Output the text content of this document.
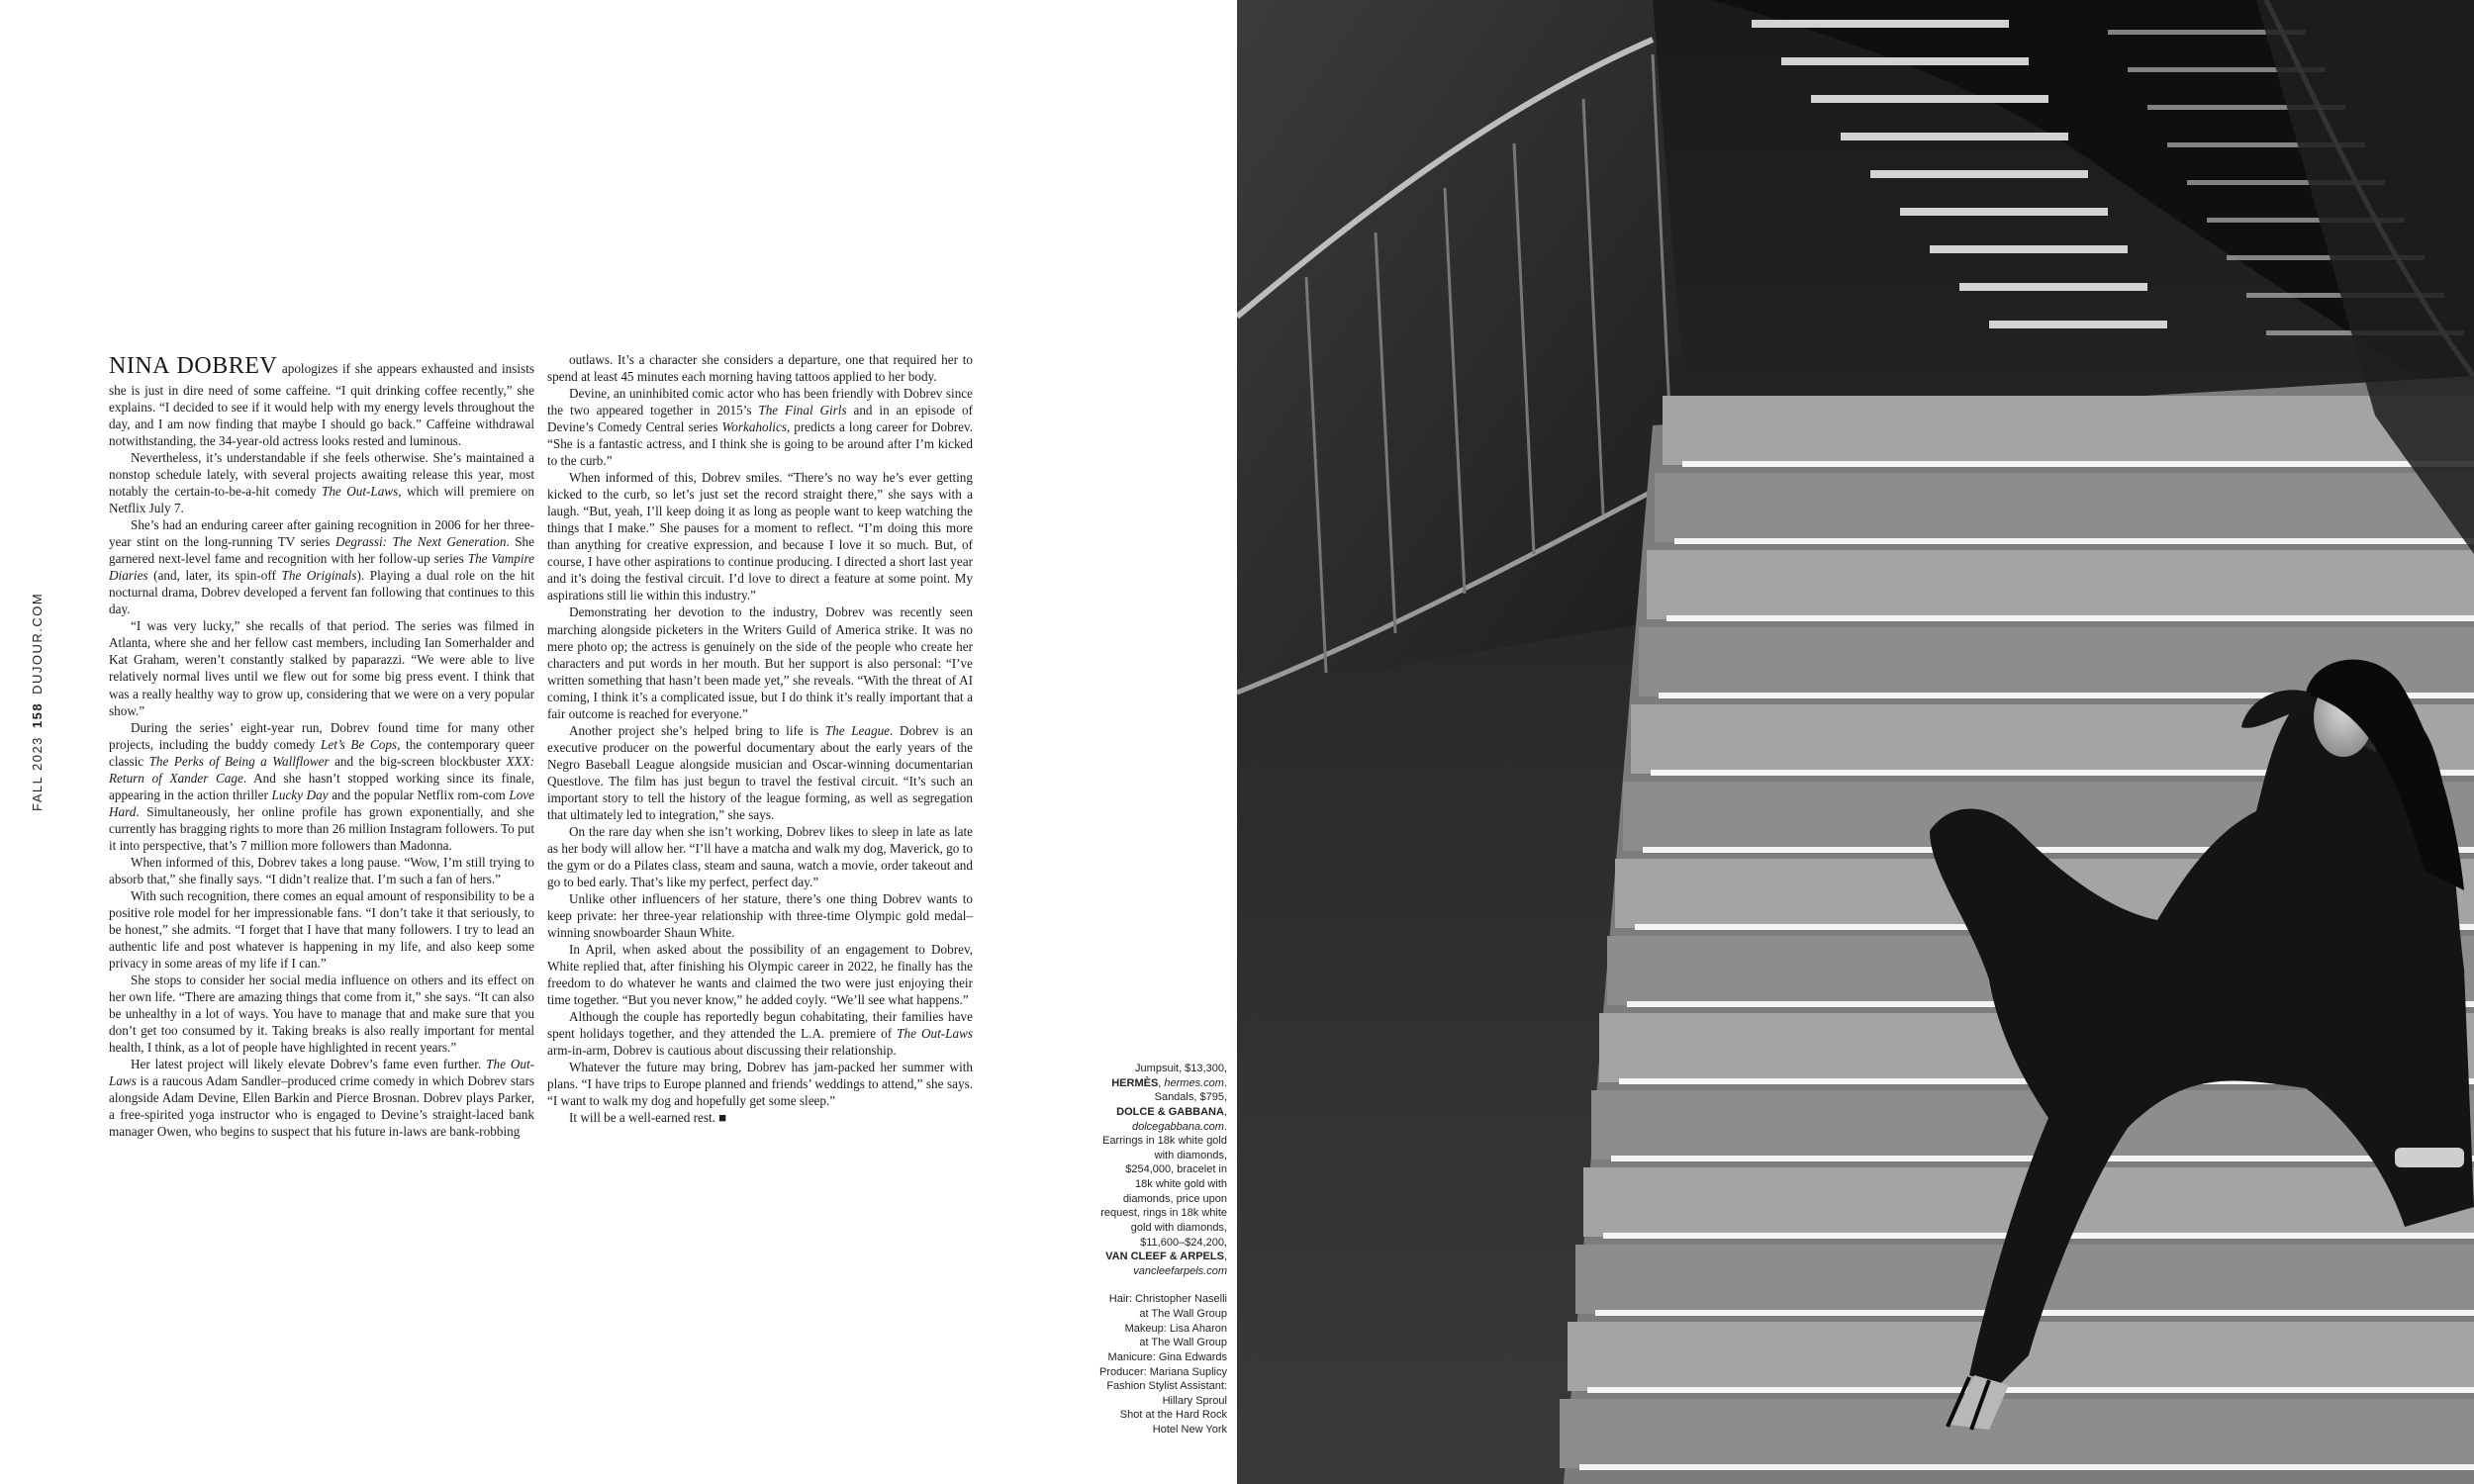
FALL 2023158DUJOUR.COM

NINA DOBREV apologizes if she appears exhausted and insists she is just in dire need of some caffeine. “I quit drinking coffee recently,” she explains. “I decided to see if it would help with my energy levels throughout the day, and I am now finding that maybe I should go back.” Caffeine withdrawal notwithstanding, the 34-year-old actress looks rested and luminous.

Nevertheless, it’s understandable if she feels otherwise. She’s maintained a nonstop schedule lately, with several projects awaiting release this year, most notably the certain-to-be-a-hit comedy The Out-Laws, which will premiere on Netflix July 7.

She’s had an enduring career after gaining recognition in 2006 for her three-year stint on the long-running TV series Degrassi: The Next Generation. She garnered next-level fame and recognition with her follow-up series The Vampire Diaries (and, later, its spin-off The Originals). Playing a dual role on the hit nocturnal drama, Dobrev developed a fervent fan following that continues to this day.

“I was very lucky,” she recalls of that period. The series was filmed in Atlanta, where she and her fellow cast members, including Ian Somerhalder and Kat Graham, weren’t constantly stalked by paparazzi. “We were able to live relatively normal lives until we flew out for some big press event. I think that was a really healthy way to grow up, considering that we were on a very popular show.”

During the series’ eight-year run, Dobrev found time for many other projects, including the buddy comedy Let’s Be Cops, the contemporary queer classic The Perks of Being a Wallflower and the big-screen blockbuster XXX: Return of Xander Cage. And she hasn’t stopped working since its finale, appearing in the action thriller Lucky Day and the popular Netflix rom-com Love Hard. Simultaneously, her online profile has grown exponentially, and she currently has bragging rights to more than 26 million Instagram followers. To put it into perspective, that’s 7 million more followers than Madonna.

When informed of this, Dobrev takes a long pause. “Wow, I’m still trying to absorb that,” she finally says. “I didn’t realize that. I’m such a fan of hers.”

With such recognition, there comes an equal amount of responsibility to be a positive role model for her impressionable fans. “I don’t take it that seriously, to be honest,” she admits. “I forget that I have that many followers. I try to lead an authentic life and post whatever is happening in my life, and also keep some privacy in some areas of my life if I can.”

She stops to consider her social media influence on others and its effect on her own life. “There are amazing things that come from it,” she says. “It can also be unhealthy in a lot of ways. You have to manage that and make sure that you don’t get too consumed by it. Taking breaks is also really important for mental health, I think, as a lot of people have highlighted in recent years.”

Her latest project will likely elevate Dobrev’s fame even further. The Out-Laws is a raucous Adam Sandler–produced crime comedy in which Dobrev stars alongside Adam Devine, Ellen Barkin and Pierce Brosnan. Dobrev plays Parker, a free-spirited yoga instructor who is engaged to Devine’s straight-laced bank manager Owen, who begins to suspect that his future in-laws are bank-robbing

outlaws. It’s a character she considers a departure, one that required her to spend at least 45 minutes each morning having tattoos applied to her body.

Devine, an uninhibited comic actor who has been friendly with Dobrev since the two appeared together in 2015’s The Final Girls and in an episode of Devine’s Comedy Central series Workaholics, predicts a long career for Dobrev. “She is a fantastic actress, and I think she is going to be around after I’m kicked to the curb.”

When informed of this, Dobrev smiles. “There’s no way he’s ever getting kicked to the curb, so let’s just set the record straight there,” she says with a laugh. “But, yeah, I’ll keep doing it as long as people want to keep watching the things that I make.” She pauses for a moment to reflect. “I’m doing this more than anything for creative expression, and because I love it so much. But, of course, I have other aspirations to continue producing. I directed a short last year and it’s doing the festival circuit. I’d love to direct a feature at some point. My aspirations still lie within this industry.”

Demonstrating her devotion to the industry, Dobrev was recently seen marching alongside picketers in the Writers Guild of America strike. It was no mere photo op; the actress is genuinely on the side of the people who create her characters and put words in her mouth. But her support is also personal: “I’ve written something that hasn’t been made yet,” she reveals. “With the threat of AI coming, I think it’s a complicated issue, but I do think it’s really important that a fair outcome is reached for everyone.”

Another project she’s helped bring to life is The League. Dobrev is an executive producer on the powerful documentary about the early years of the Negro Baseball League alongside musician and Oscar-winning documentarian Questlove. The film has just begun to travel the festival circuit. “It’s such an important story to tell the history of the league forming, as well as segregation that ultimately led to integration,” she says.

On the rare day when she isn’t working, Dobrev likes to sleep in late as late as her body will allow her. “I’ll have a matcha and walk my dog, Maverick, go to the gym or do a Pilates class, steam and sauna, watch a movie, order takeout and go to bed early. That’s like my perfect, perfect day.”

Unlike other influencers of her stature, there’s one thing Dobrev wants to keep private: her three-year relationship with three-time Olympic gold medal–winning snowboarder Shaun White.

In April, when asked about the possibility of an engagement to Dobrev, White replied that, after finishing his Olympic career in 2022, he finally has the freedom to do whatever he wants and claimed the two were just enjoying their time together. “But you never know,” he added coyly. “We’ll see what happens.”

Although the couple has reportedly begun cohabitating, their families have spent holidays together, and they attended the L.A. premiere of The Out-Laws arm-in-arm, Dobrev is cautious about discussing their relationship.

Whatever the future may bring, Dobrev has jam-packed her summer with plans. “I have trips to Europe planned and friends’ weddings to attend,” she says. “I want to walk my dog and hopefully get some sleep.”

It will be a well-earned rest. ■

Jumpsuit, $13,300,
HERMÈS, hermes.com.
Sandals, $795,
DOLCE & GABBANA,
dolcegabbana.com.
Earrings in 18k white gold
with diamonds,
$254,000, bracelet in
18k white gold with
diamonds, price upon
request, rings in 18k white
gold with diamonds,
$11,600–$24,200,
VAN CLEEF & ARPELS,
vancleefarpels.com
Hair: Christopher Naselli
at The Wall Group
Makeup: Lisa Aharon
at The Wall Group
Manicure: Gina Edwards
Producer: Mariana Suplicy
Fashion Stylist Assistant:
Hillary Sproul
Shot at the Hard Rock
Hotel New York
